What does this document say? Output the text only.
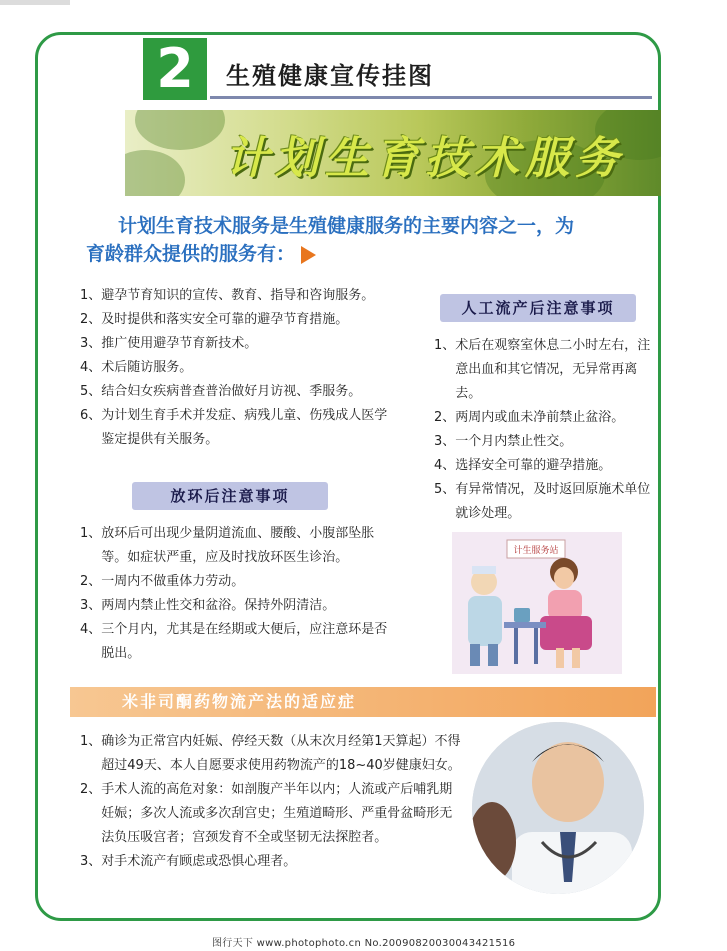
2	生殖健康宣传挂图
计划生育技术服务
计划生育技术服务是生殖健康服务的主要内容之一，为
育龄群众提供的服务有：
1、 避孕节育知识的宣传、教育、指导和咨询服务。
2、 及时提供和落实安全可靠的避孕节育措施。
3、 推广使用避孕节育新技术。
4、 术后随访服务。
5、 结合妇女疾病普查普治做好月访视、季服务。
6、 为计划生育手术并发症、病残儿童、伤残成人医学鉴定提供有关服务。
放环后注意事项
1、 放环后可出现少量阴道流血、腰酸、小腹部坠胀等。如症状严重，应及时找放环医生诊治。
2、 一周内不做重体力劳动。
3、 两周内禁止性交和盆浴。保持外阴清洁。
4、 三个月内，尤其是在经期或大便后，应注意环是否脱出。
人工流产后注意事项
1、 术后在观察室休息二小时左右，注意出血和其它情况，无异常再离去。
2、 两周内或血未净前禁止盆浴。
3、 一个月内禁止性交。
4、 选择安全可靠的避孕措施。
5、 有异常情况，及时返回原施术单位就诊处理。
计生服务站
米非司酮药物流产法的适应症
1、 确诊为正常宫内妊娠、停经天数（从末次月经第1天算起）不得超过49天、本人自愿要求使用药物流产的18~40岁健康妇女。
2、 手术人流的高危对象：如剖腹产半年以内；人流或产后哺乳期妊娠；多次人流或多次刮宫史；生殖道畸形、严重骨盆畸形无法负压吸宫者；宫颈发育不全或坚韧无法探腔者。
3、 对手术流产有顾虑或恐惧心理者。
图行天下 www.photophoto.cn No.20090820030043421516
